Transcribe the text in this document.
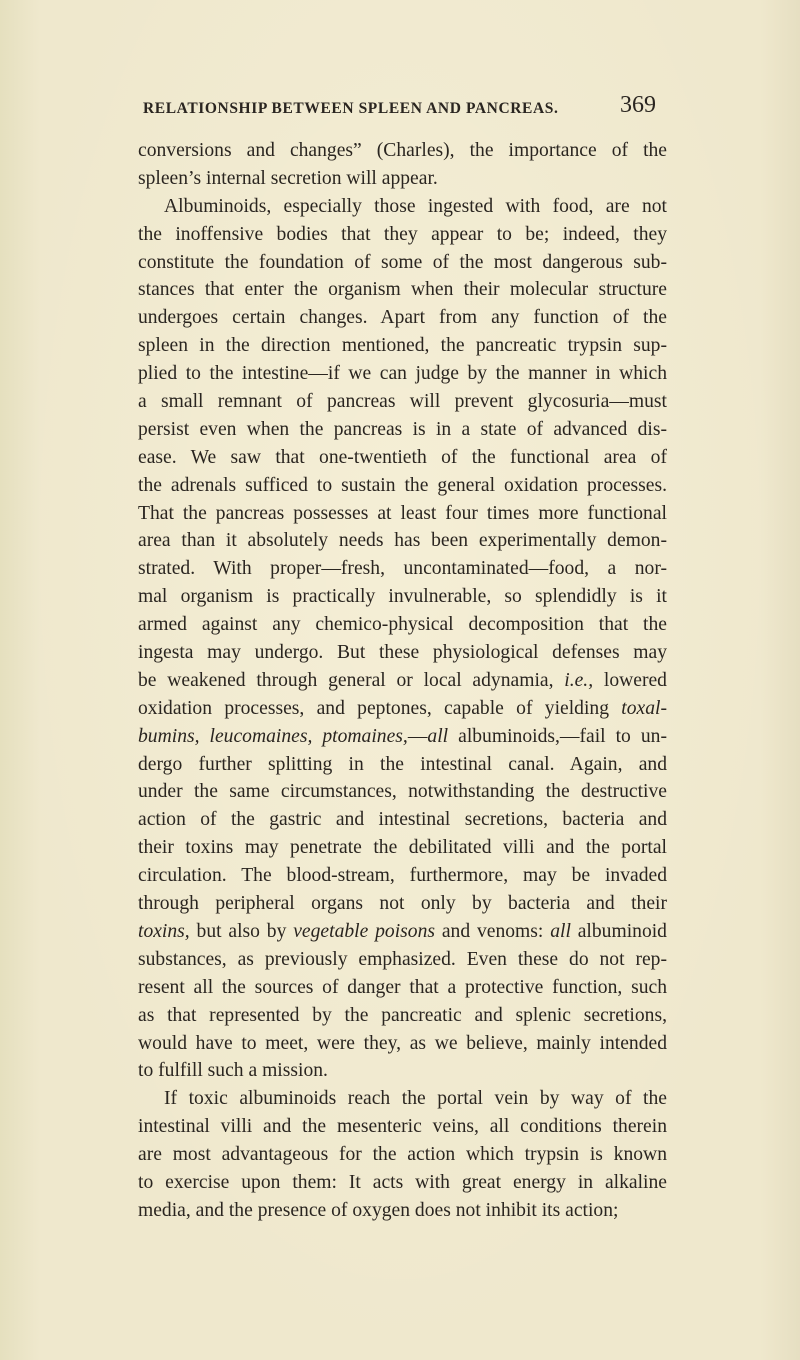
RELATIONSHIP BETWEEN SPLEEN AND PANCREAS.	369
conversions and changes” (Charles), the importance of the
spleen’s internal secretion will appear.
Albuminoids, especially those ingested with food, are not
the inoffensive bodies that they appear to be; indeed, they
constitute the foundation of some of the most dangerous sub-
stances that enter the organism when their molecular structure
undergoes certain changes. Apart from any function of the
spleen in the direction mentioned, the pancreatic trypsin sup-
plied to the intestine—if we can judge by the manner in which
a small remnant of pancreas will prevent glycosuria—must
persist even when the pancreas is in a state of advanced dis-
ease. We saw that one-twentieth of the functional area of
the adrenals sufficed to sustain the general oxidation processes.
That the pancreas possesses at least four times more functional
area than it absolutely needs has been experimentally demon-
strated. With proper—fresh, uncontaminated—food, a nor-
mal organism is practically invulnerable, so splendidly is it
armed against any chemico-physical decomposition that the
ingesta may undergo. But these physiological defenses may
be weakened through general or local adynamia, i.e., lowered
oxidation processes, and peptones, capable of yielding toxal-
bumins, leucomaines, ptomaines,—all albuminoids,—fail to un-
dergo further splitting in the intestinal canal. Again, and
under the same circumstances, notwithstanding the destructive
action of the gastric and intestinal secretions, bacteria and
their toxins may penetrate the debilitated villi and the portal
circulation. The blood-stream, furthermore, may be invaded
through peripheral organs not only by bacteria and their
toxins, but also by vegetable poisons and venoms: all albuminoid
substances, as previously emphasized. Even these do not rep-
resent all the sources of danger that a protective function, such
as that represented by the pancreatic and splenic secretions,
would have to meet, were they, as we believe, mainly intended
to fulfill such a mission.
If toxic albuminoids reach the portal vein by way of the
intestinal villi and the mesenteric veins, all conditions therein
are most advantageous for the action which trypsin is known
to exercise upon them: It acts with great energy in alkaline
media, and the presence of oxygen does not inhibit its action;
